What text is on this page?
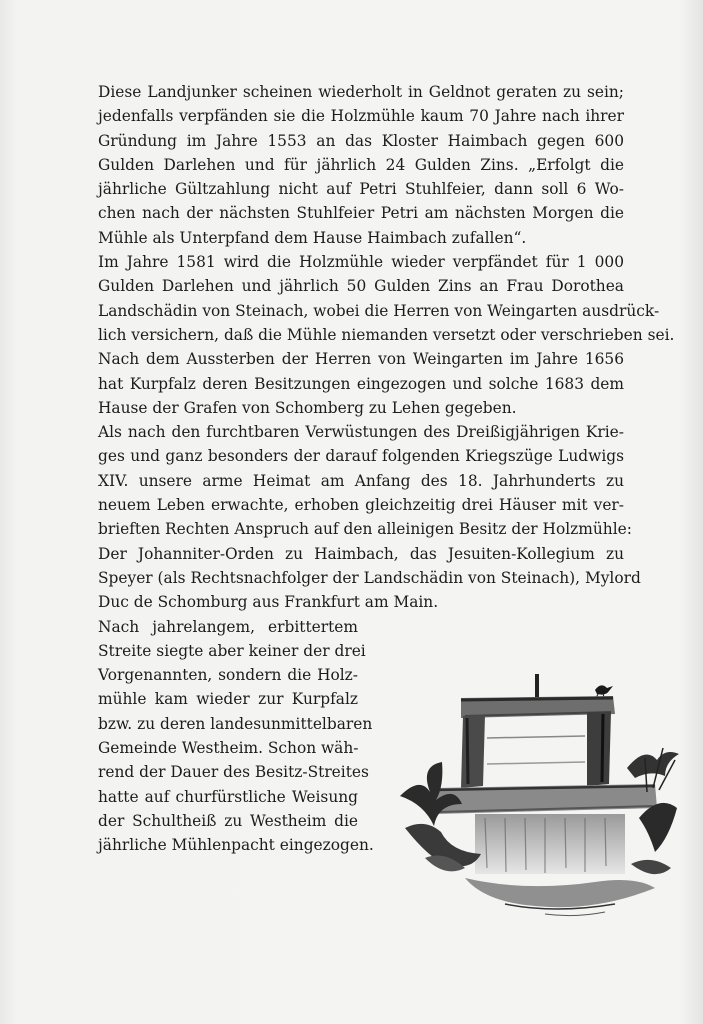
Diese Landjunker scheinen wiederholt in Geldnot geraten zu sein;
jedenfalls verpfänden sie die Holzmühle kaum 70 Jahre nach ihrer
Gründung im Jahre 1553 an das Kloster Haimbach gegen 600
Gulden Darlehen und für jährlich 24 Gulden Zins. „Erfolgt die
jährliche Gültzahlung nicht auf Petri Stuhlfeier, dann soll 6 Wo-
chen nach der nächsten Stuhlfeier Petri am nächsten Morgen die
Mühle als Unterpfand dem Hause Haimbach zufallen“.
Im Jahre 1581 wird die Holzmühle wieder verpfändet für 1 000
Gulden Darlehen und jährlich 50 Gulden Zins an Frau Dorothea
Landschädin von Steinach, wobei die Herren von Weingarten ausdrück-
lich versichern, daß die Mühle niemanden versetzt oder verschrieben sei.
Nach dem Aussterben der Herren von Weingarten im Jahre 1656
hat Kurpfalz deren Besitzungen eingezogen und solche 1683 dem
Hause der Grafen von Schomberg zu Lehen gegeben.
Als nach den furchtbaren Verwüstungen des Dreißigjährigen Krie-
ges und ganz besonders der darauf folgenden Kriegszüge Ludwigs
XIV. unsere arme Heimat am Anfang des 18. Jahrhunderts zu
neuem Leben erwachte, erhoben gleichzeitig drei Häuser mit ver-
brieften Rechten Anspruch auf den alleinigen Besitz der Holzmühle:
Der Johanniter-Orden zu Haimbach, das Jesuiten-Kollegium zu
Speyer (als Rechtsnachfolger der Landschädin von Steinach), Mylord
Duc de Schomburg aus Frankfurt am Main.
Nach jahrelangem, erbittertem
Streite siegte aber keiner der drei
Vorgenannten, sondern die Holz-
mühle kam wieder zur Kurpfalz
bzw. zu deren landesunmittelbaren
Gemeinde Westheim. Schon wäh-
rend der Dauer des Besitz-Streites
hatte auf churfürstliche Weisung
der Schultheiß zu Westheim die
jährliche Mühlenpacht eingezogen.
